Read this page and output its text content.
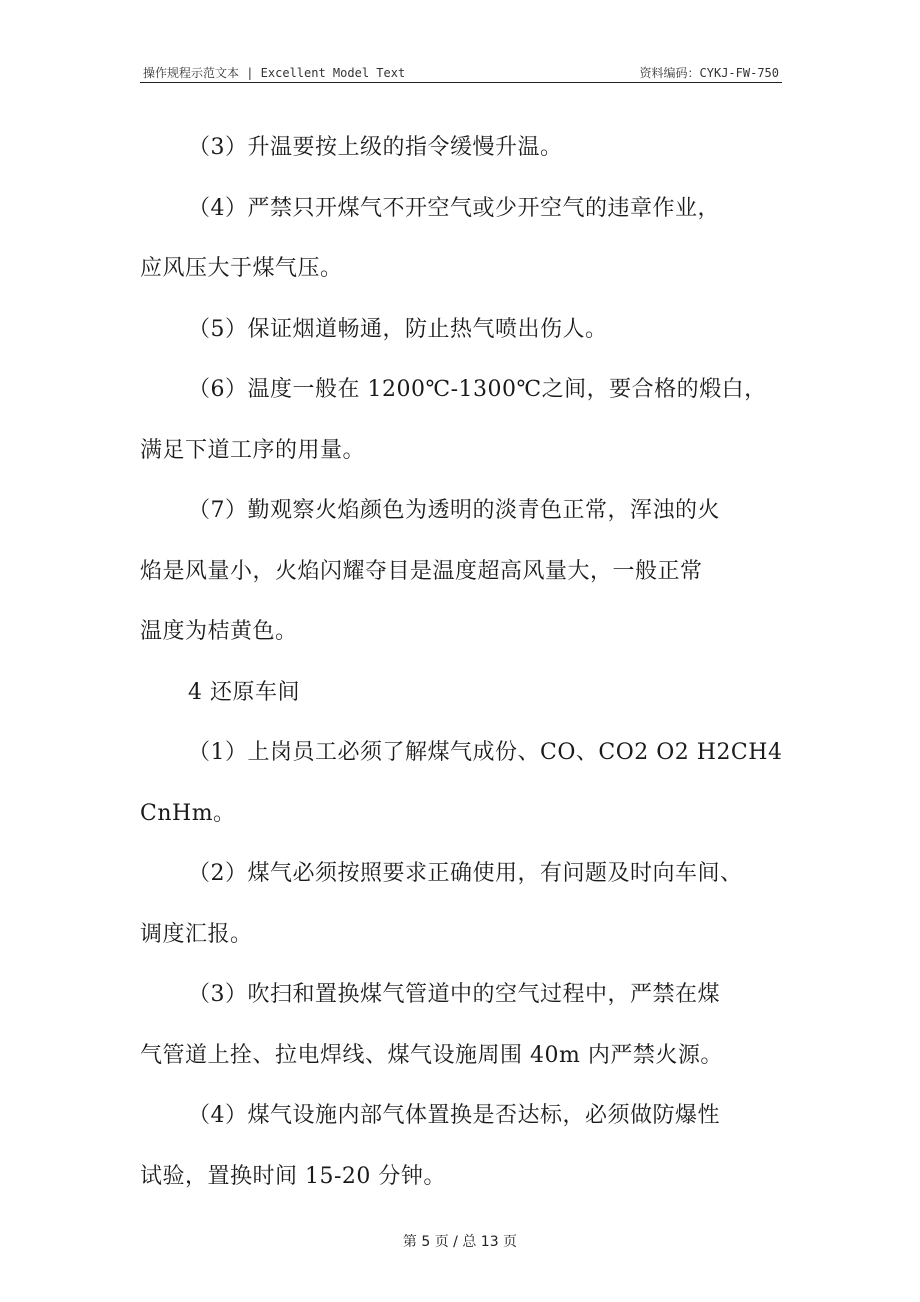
操作规程示范文本 | Excellent Model Text	资料编码：CYKJ-FW-750

（3）升温要按上级的指令缓慢升温。

（4）严禁只开煤气不开空气或少开空气的违章作业，

应风压大于煤气压。

（5）保证烟道畅通，防止热气喷出伤人。

（6）温度一般在 1200℃-1300℃之间，要合格的煅白，

满足下道工序的用量。

（7）勤观察火焰颜色为透明的淡青色正常，浑浊的火

焰是风量小，火焰闪耀夺目是温度超高风量大，一般正常

温度为桔黄色。

4 还原车间

（1）上岗员工必须了解煤气成份、CO、CO2 O2 H2CH4

CnHm。

（2）煤气必须按照要求正确使用，有问题及时向车间、

调度汇报。

（3）吹扫和置换煤气管道中的空气过程中，严禁在煤

气管道上拴、拉电焊线、煤气设施周围 40m 内严禁火源。

（4）煤气设施内部气体置换是否达标，必须做防爆性

试验，置换时间 15-20 分钟。

第 5 页 / 总 13 页
